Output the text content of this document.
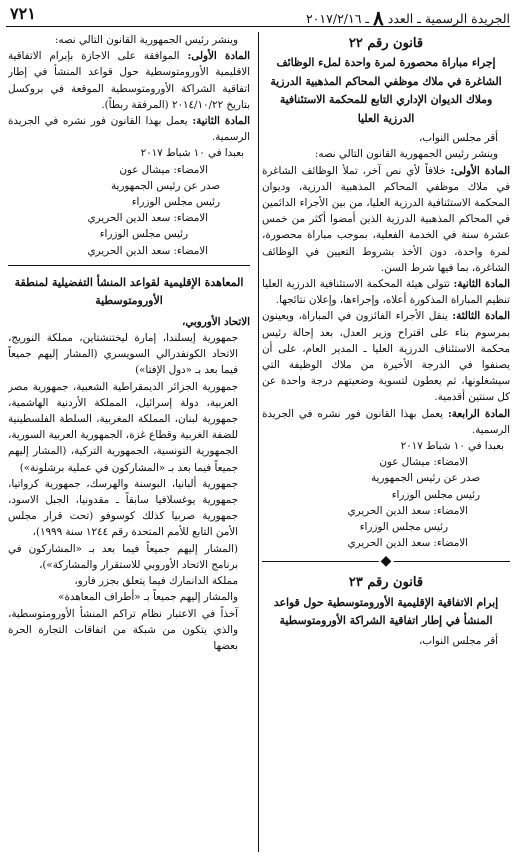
الجريدة الرسمية ـ العدد ٨ ـ ٢٠١٧/٢/١٦
٧٢١
قانون رقم ٢٢
إجراء مباراة محصورة لمرة واحدة لملء الوظائف الشاغرة في ملاك موظفي المحاكم المذهبية الدرزية وملاك الديوان الإداري التابع للمحكمة الاستئنافية الدرزية العليا

أقر مجلس النواب،

وينشر رئيس الجمهورية القانون التالي نصه:

المادة الأولى: خلافاً لأي نص آخر، تملأ الوظائف الشاغرة في ملاك موظفي المحاكم المذهبية الدرزية، وديوان المحكمة الاستئنافية الدرزية العليا، من بين الأجراء الدائمين في المحاكم المذهبية الدرزية الذين أمضوا أكثر من خمس عشرة سنة في الخدمة الفعلية، بموجب مباراة محصورة، لمرة واحدة، دون الأخذ بشروط التعيين في الوظائف الشاغرة، بما فيها شرط السن.

المادة الثانية: تتولى هيئة المحكمة الاستئنافية الدرزية العليا تنظيم المباراة المذكورة أعلاه، وإجراءها، وإعلان نتائجها.

المادة الثالثة: ينقل الأجراء الفائزون في المباراة، ويعينون بمرسوم بناء على اقتراح وزير العدل، بعد إحالة رئيس محكمة الاستئناف الدرزية العليا ـ المدير العام، على أن يصنفوا في الدرجة الأخيرة من ملاك الوظيفة التي سيشغلونها، ثم يعطون لتسوية وضعيتهم درجة واحدة عن كل سنتين أقدمية.

المادة الرابعة: يعمل بهذا القانون فور نشره في الجريدة الرسمية.

بعبدا في ١٠ شباط ٢٠١٧

الامضاء: ميشال عون

صدر عن رئيس الجمهورية

رئيس مجلس الوزراء

الامضاء: سعد الدين الحريري

رئيس مجلس الوزراء

الامضاء: سعد الدين الحريري

◆
قانون رقم ٢٣
إبرام الاتفاقية الإقليمية الأورومتوسطية حول قواعد المنشأ في إطار اتفاقية الشراكة الأورومتوسطية

أقر مجلس النواب،

وينشر رئيس الجمهورية القانون التالي نصه:

المادة الأولى: الموافقة على الاجازة بإبرام الاتفاقية الاقليمية الأورومتوسطية حول قواعد المنشأ في إطار اتفاقية الشراكة الأورومتوسطية الموقعة في بروكسل بتاريخ ٢٠١٤/١٠/٢٢ (المرفقة ربطاً).

المادة الثانية: يعمل بهذا القانون فور نشره في الجريدة الرسمية.

بعبدا في ١٠ شباط ٢٠١٧

الامضاء: ميشال عون

صدر عن رئيس الجمهورية

رئيس مجلس الوزراء

الامضاء: سعد الدين الحريري

رئيس مجلس الوزراء

الامضاء: سعد الدين الحريري

المعاهدة الإقليمية لقواعد المنشأ التفضيلية لمنطقة الأورومتوسطية

الاتحاد الأوروبي،

جمهورية إيسلندا، إمارة ليختنشتاين، مملكة النوريج، الاتحاد الكونفدرالي السويسري (المشار إليهم جميعاً فيما بعد بـ «دول الإفتا»)

جمهورية الجزائر الديمقراطية الشعبية، جمهورية مصر العربية، دولة إسرائيل، المملكة الأردنية الهاشمية، جمهورية لبنان، المملكة المغربية، السلطة الفلسطينية للضفة الغربية وقطاع غزة، الجمهورية العربية السورية، الجمهورية التونسية، الجمهورية التركية، (المشار إليهم جميعاً فيما بعد بـ «المشاركون في عملية برشلونة»)

جمهورية ألبانيا، البوسنة والهرسك، جمهورية كرواتيا، جمهورية يوغسلافيا سابقاً ـ مقدونيا، الجبل الاسود، جمهورية صربيا كذلك كوسوفو (تحت قرار مجلس الأمن التابع للأمم المتحدة رقم ١٢٤٤ سنة ١٩٩٩)،

(المشار إليهم جميعاً فيما بعد بـ «المشاركون في برنامج الاتحاد الأوروبي للاستقرار والمشاركة»)،

مملكة الدانمارك فيما يتعلق بجزر فارو،

والمشار إليهم جميعاً بـ «أطراف المعاهدة»

آخذاً في الاعتبار نظام تراكم المنشأ الأورومتوسطية، والذي يتكون من شبكة من اتفاقات التجارة الحرة بعضها
